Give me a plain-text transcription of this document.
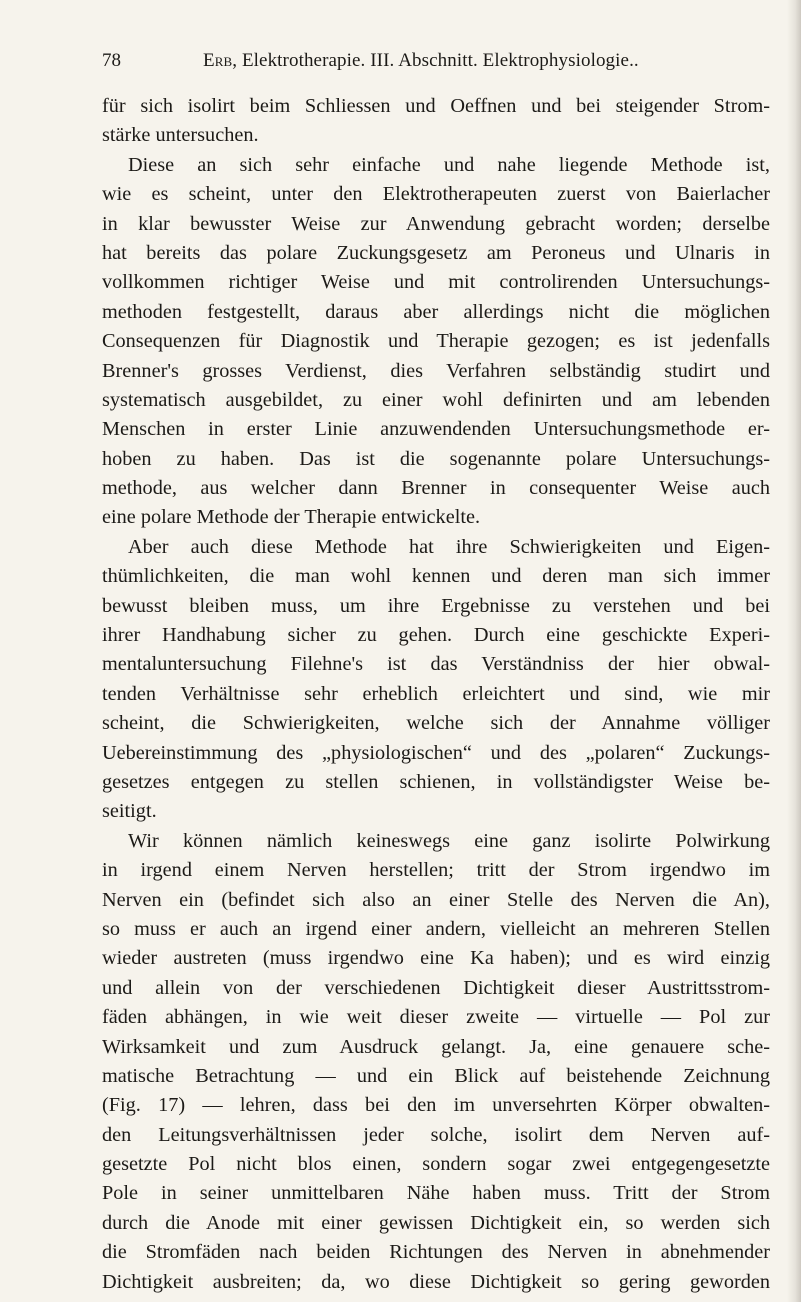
78	Erb, Elektrotherapie. III. Abschnitt. Elektrophysiologie..
für sich isolirt beim Schliessen und Oeffnen und bei steigender Strom-
stärke untersuchen.
Diese an sich sehr einfache und nahe liegende Methode ist,
wie es scheint, unter den Elektrotherapeuten zuerst von Baierlacher
in klar bewusster Weise zur Anwendung gebracht worden; derselbe
hat bereits das polare Zuckungsgesetz am Peroneus und Ulnaris in
vollkommen richtiger Weise und mit controlirenden Untersuchungs-
methoden festgestellt, daraus aber allerdings nicht die möglichen
Consequenzen für Diagnostik und Therapie gezogen; es ist jedenfalls
Brenner's grosses Verdienst, dies Verfahren selbständig studirt und
systematisch ausgebildet, zu einer wohl definirten und am lebenden
Menschen in erster Linie anzuwendenden Untersuchungsmethode er-
hoben zu haben. Das ist die sogenannte polare Untersuchungs-
methode, aus welcher dann Brenner in consequenter Weise auch
eine polare Methode der Therapie entwickelte.
Aber auch diese Methode hat ihre Schwierigkeiten und Eigen-
thümlichkeiten, die man wohl kennen und deren man sich immer
bewusst bleiben muss, um ihre Ergebnisse zu verstehen und bei
ihrer Handhabung sicher zu gehen. Durch eine geschickte Experi-
mentaluntersuchung Filehne's ist das Verständniss der hier obwal-
tenden Verhältnisse sehr erheblich erleichtert und sind, wie mir
scheint, die Schwierigkeiten, welche sich der Annahme völliger
Uebereinstimmung des „physiologischen“ und des „polaren“ Zuckungs-
gesetzes entgegen zu stellen schienen, in vollständigster Weise be-
seitigt.
Wir können nämlich keineswegs eine ganz isolirte Polwirkung
in irgend einem Nerven herstellen; tritt der Strom irgendwo im
Nerven ein (befindet sich also an einer Stelle des Nerven die An),
so muss er auch an irgend einer andern, vielleicht an mehreren Stellen
wieder austreten (muss irgendwo eine Ka haben); und es wird einzig
und allein von der verschiedenen Dichtigkeit dieser Austrittsstrom-
fäden abhängen, in wie weit dieser zweite — virtuelle — Pol zur
Wirksamkeit und zum Ausdruck gelangt. Ja, eine genauere sche-
matische Betrachtung — und ein Blick auf beistehende Zeichnung
(Fig. 17) — lehren, dass bei den im unversehrten Körper obwalten-
den Leitungsverhältnissen jeder solche, isolirt dem Nerven auf-
gesetzte Pol nicht blos einen, sondern sogar zwei entgegengesetzte
Pole in seiner unmittelbaren Nähe haben muss. Tritt der Strom
durch die Anode mit einer gewissen Dichtigkeit ein, so werden sich
die Stromfäden nach beiden Richtungen des Nerven in abnehmender
Dichtigkeit ausbreiten; da, wo diese Dichtigkeit so gering geworden
